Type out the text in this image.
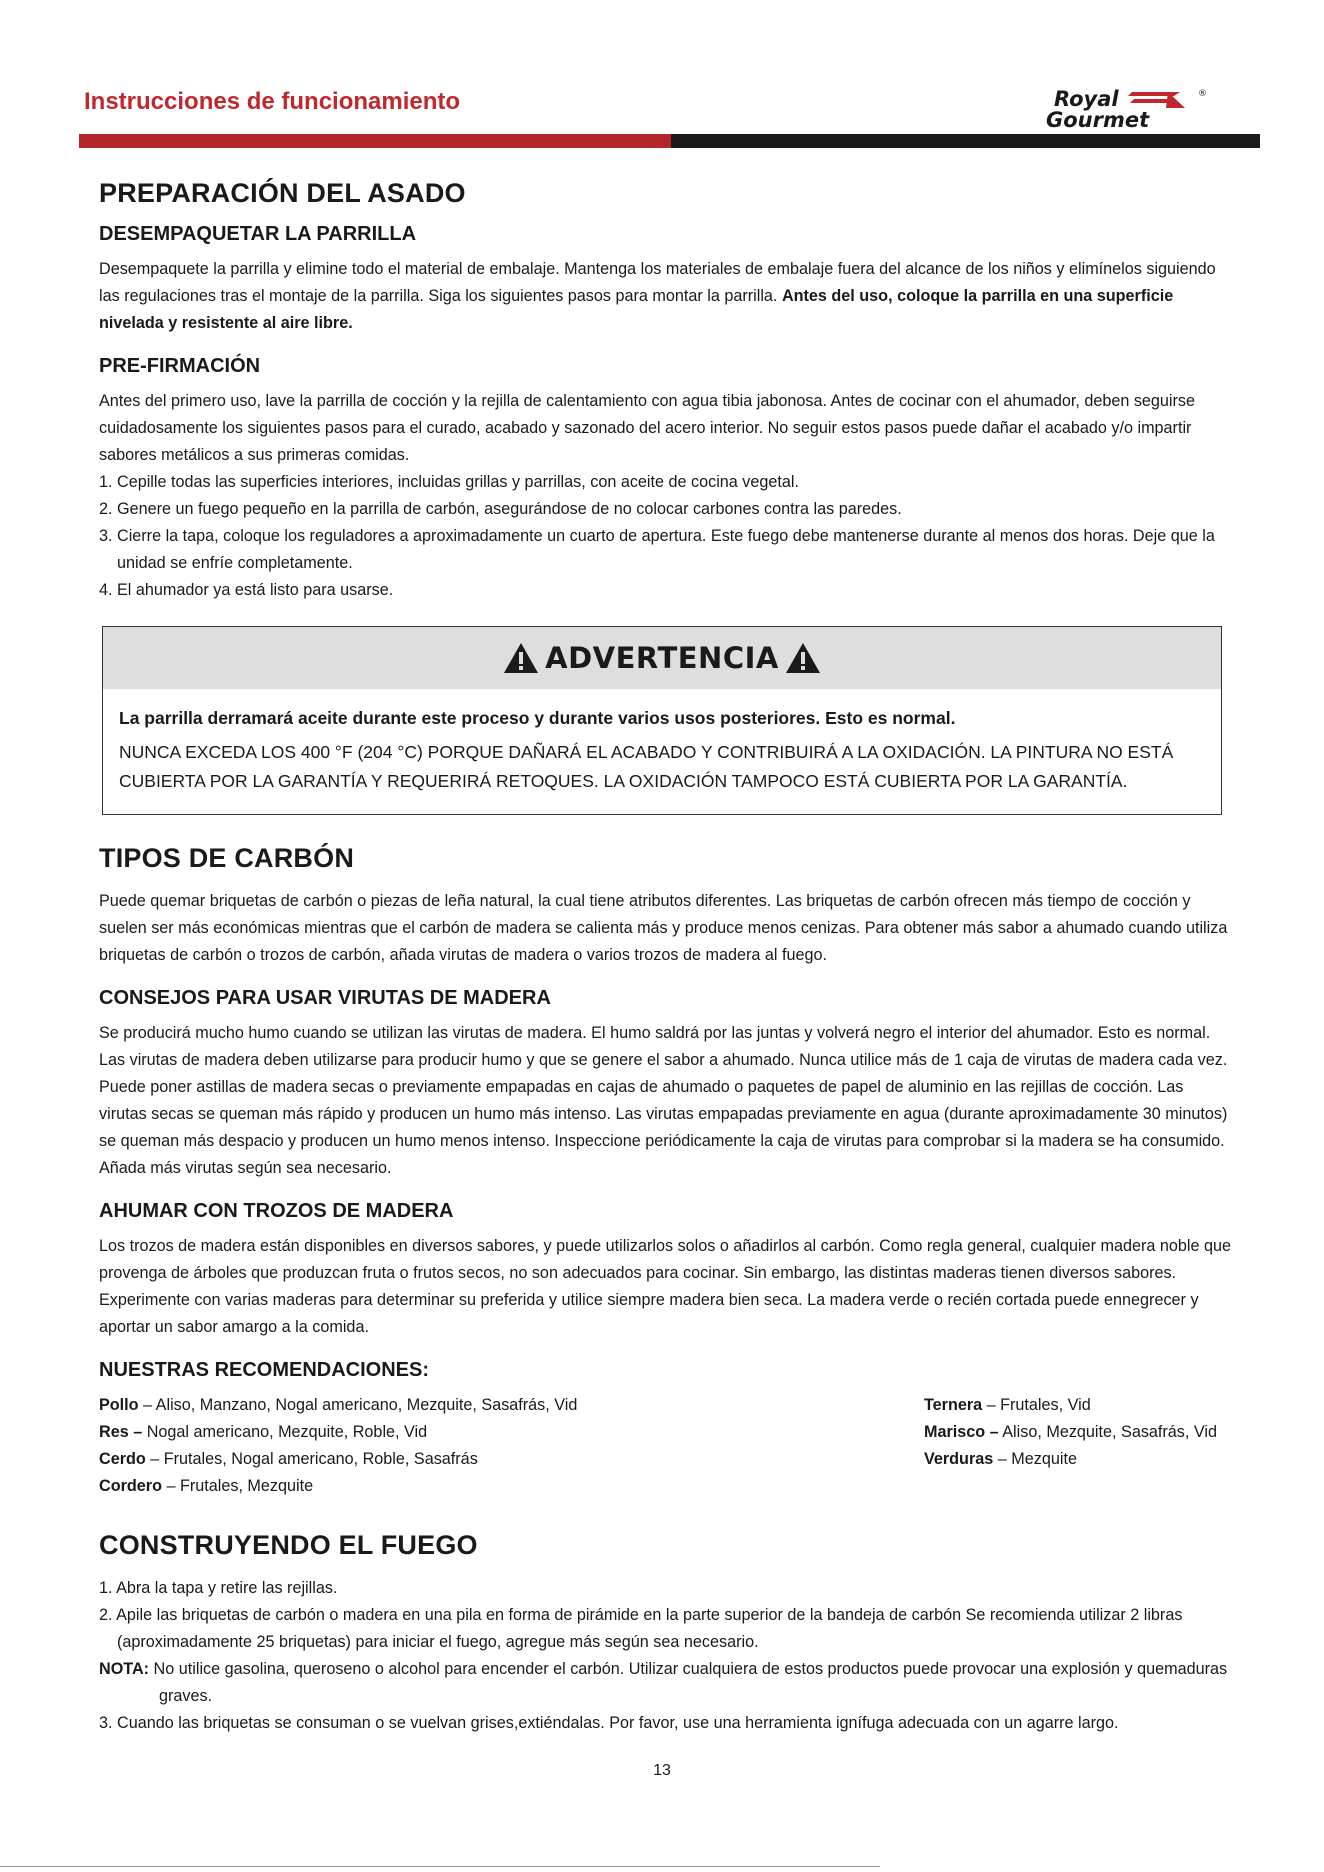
Instrucciones de funcionamiento	Royal
Gourmet
®
PREPARACIÓN DEL ASADO
DESEMPAQUETAR LA PARRILLA

Desempaquete la parrilla y elimine todo el material de embalaje. Mantenga los materiales de embalaje fuera del alcance de los niños y elimínelos siguiendo las regulaciones tras el montaje de la parrilla. Siga los siguientes pasos para montar la parrilla. Antes del uso, coloque la parrilla en una superficie nivelada y resistente al aire libre.

PRE-FIRMACIÓN

Antes del primero uso, lave la parrilla de cocción y la rejilla de calentamiento con agua tibia jabonosa. Antes de cocinar con el ahumador, deben seguirse cuidadosamente los siguientes pasos para el curado, acabado y sazonado del acero interior. No seguir estos pasos puede dañar el acabado y/o impartir sabores metálicos a sus primeras comidas.

1. Cepille todas las superficies interiores, incluidas grillas y parrillas, con aceite de cocina vegetal.
2. Genere un fuego pequeño en la parrilla de carbón, asegurándose de no colocar carbones contra las paredes.
3. Cierre la tapa, coloque los reguladores a aproximadamente un cuarto de apertura. Este fuego debe mantenerse durante al menos dos horas. Deje que la unidad se enfríe completamente.
4. El ahumador ya está listo para usarse.
ADVERTENCIA
La parrilla derramará aceite durante este proceso y durante varios usos posteriores. Esto es normal.
NUNCA EXCEDA LOS 400 °F (204 °C) PORQUE DAÑARÁ EL ACABADO Y CONTRIBUIRÁ A LA OXIDACIÓN. LA PINTURA NO ESTÁ CUBIERTA POR LA GARANTÍA Y REQUERIRÁ RETOQUES. LA OXIDACIÓN TAMPOCO ESTÁ CUBIERTA POR LA GARANTÍA.
TIPOS DE CARBÓN

Puede quemar briquetas de carbón o piezas de leña natural, la cual tiene atributos diferentes. Las briquetas de carbón ofrecen más tiempo de cocción y suelen ser más económicas mientras que el carbón de madera se calienta más y produce menos cenizas. Para obtener más sabor a ahumado cuando utiliza briquetas de carbón o trozos de carbón, añada virutas de madera o varios trozos de madera al fuego.

CONSEJOS PARA USAR VIRUTAS DE MADERA

Se producirá mucho humo cuando se utilizan las virutas de madera. El humo saldrá por las juntas y volverá negro el interior del ahumador. Esto es normal. Las virutas de madera deben utilizarse para producir humo y que se genere el sabor a ahumado. Nunca utilice más de 1 caja de virutas de madera cada vez. Puede poner astillas de madera secas o previamente empapadas en cajas de ahumado o paquetes de papel de aluminio en las rejillas de cocción. Las virutas secas se queman más rápido y producen un humo más intenso. Las virutas empapadas previamente en agua (durante aproximadamente 30 minutos) se queman más despacio y producen un humo menos intenso. Inspeccione periódicamente la caja de virutas para comprobar si la madera se ha consumido. Añada más virutas según sea necesario.

AHUMAR CON TROZOS DE MADERA

Los trozos de madera están disponibles en diversos sabores, y puede utilizarlos solos o añadirlos al carbón. Como regla general, cualquier madera noble que provenga de árboles que produzcan fruta o frutos secos, no son adecuados para cocinar. Sin embargo, las distintas maderas tienen diversos sabores. Experimente con varias maderas para determinar su preferida y utilice siempre madera bien seca. La madera verde o recién cortada puede ennegrecer y aportar un sabor amargo a la comida.

NUESTRAS RECOMENDACIONES:
Pollo – Aliso, Manzano, Nogal americano, Mezquite, Sasafrás, Vid
Res – Nogal americano, Mezquite, Roble, Vid
Cerdo – Frutales, Nogal americano, Roble, Sasafrás
Cordero – Frutales, Mezquite
Ternera – Frutales, Vid
Marisco – Aliso, Mezquite, Sasafrás, Vid
Verduras – Mezquite
CONSTRUYENDO EL FUEGO
1. Abra la tapa y retire las rejillas.
2. Apile las briquetas de carbón o madera en una pila en forma de pirámide en la parte superior de la bandeja de carbón Se recomienda utilizar 2 libras (aproximadamente 25 briquetas) para iniciar el fuego, agregue más según sea necesario.
NOTA: No utilice gasolina, queroseno o alcohol para encender el carbón. Utilizar cualquiera de estos productos puede provocar una explosión y quemaduras graves.
3. Cuando las briquetas se consuman o se vuelvan grises,extiéndalas. Por favor, use una herramienta ignífuga adecuada con un agarre largo.
13
